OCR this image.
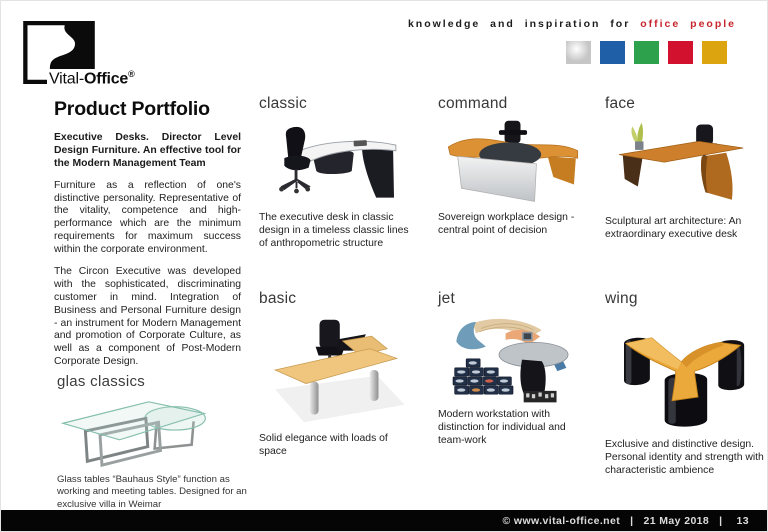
Vital-Office®
knowledge and inspiration for office people
Product Portfolio

Executive Desks. Director Level Design Furniture. An effective tool for the Modern Management Team

Furniture as a reflection of one's distinctive personality. Representative of the vitality, competence and high-performance which are the minimum requirements for maximum success within the corporate environment.

The Circon Executive was developed with the sophisticated, discriminating customer in mind. Integration of Business and Personal Furniture design - an instrument for Modern Management and promotion of Corporate Culture, as well as a component of Post-Modern Corporate Design.

glas classics
Glass tables “Bauhaus Style” function as working and meeting tables. Designed for an exclusive villa in Weimar
classic
The executive desk in classic design in a timeless classic lines of anthropometric structure
command
Sovereign workplace design - central point of decision
face
Sculptural art architecture: An extraordinary executive desk
basic
Solid elegance with loads of space
jet
Modern workstation with distinction for individual and team-work
wing
Exclusive and distinctive design. Personal identity and strength with characteristic ambience
© www.vital-office.net | 21 May 2018 | 13
